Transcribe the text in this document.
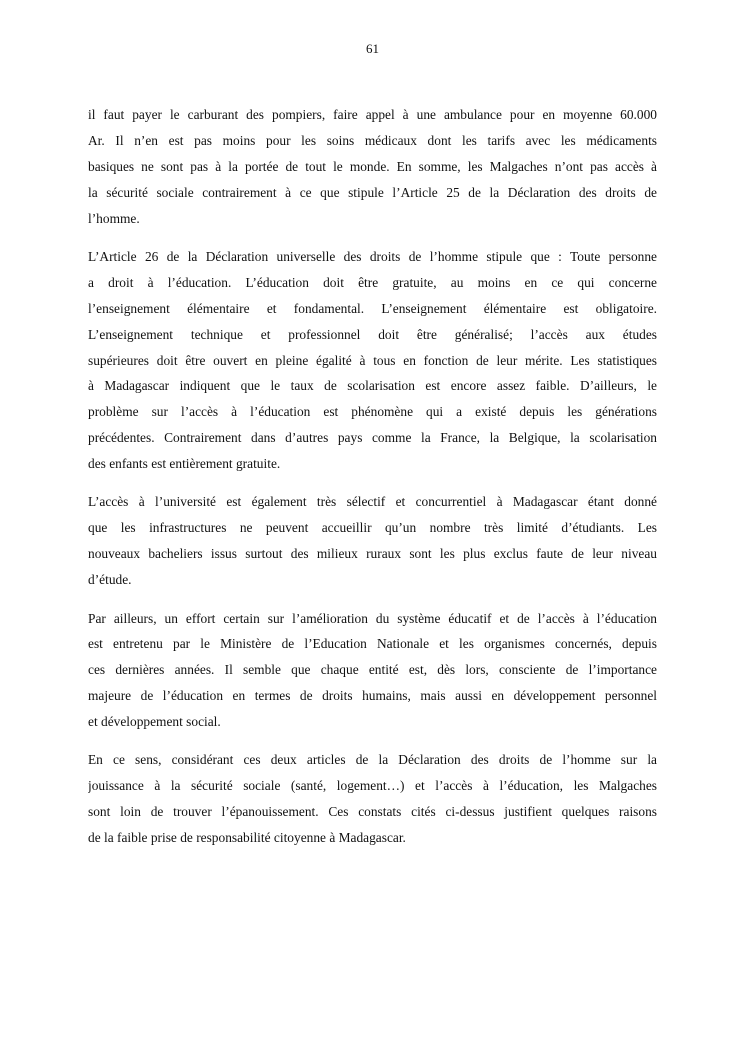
61
il faut payer le carburant des pompiers, faire appel à une ambulance pour en moyenne 60.000
Ar. Il n’en est pas moins pour les soins médicaux dont les tarifs avec les médicaments
basiques ne sont pas à la portée de tout le monde. En somme, les Malgaches n’ont pas accès à
la sécurité sociale contrairement à ce que stipule l’Article 25 de la Déclaration des droits de
l’homme.
L’Article 26 de la Déclaration universelle des droits de l’homme stipule que : Toute personne
a droit à l’éducation. L’éducation doit être gratuite, au moins en ce qui concerne
l’enseignement élémentaire et fondamental. L’enseignement élémentaire est obligatoire.
L’enseignement technique et professionnel doit être généralisé; l’accès aux études
supérieures doit être ouvert en pleine égalité à tous en fonction de leur mérite. Les statistiques
à Madagascar indiquent que le taux de scolarisation est encore assez faible. D’ailleurs, le
problème sur l’accès à l’éducation est phénomène qui a existé depuis les générations
précédentes. Contrairement dans d’autres pays comme la France, la Belgique, la scolarisation
des enfants est entièrement gratuite.
L’accès à l’université est également très sélectif et concurrentiel à Madagascar étant donné
que les infrastructures ne peuvent accueillir qu’un nombre très limité d’étudiants. Les
nouveaux bacheliers issus surtout des milieux ruraux sont les plus exclus faute de leur niveau
d’étude.
Par ailleurs, un effort certain sur l’amélioration du système éducatif et de l’accès à l’éducation
est entretenu par le Ministère de l’Education Nationale et les organismes concernés, depuis
ces dernières années. Il semble que chaque entité est, dès lors, consciente de l’importance
majeure de l’éducation en termes de droits humains, mais aussi en développement personnel
et développement social.
En ce sens, considérant ces deux articles de la Déclaration des droits de l’homme sur la
jouissance à la sécurité sociale (santé, logement…) et l’accès à l’éducation, les Malgaches
sont loin de trouver l’épanouissement. Ces constats cités ci-dessus justifient quelques raisons
de la faible prise de responsabilité citoyenne à Madagascar.
